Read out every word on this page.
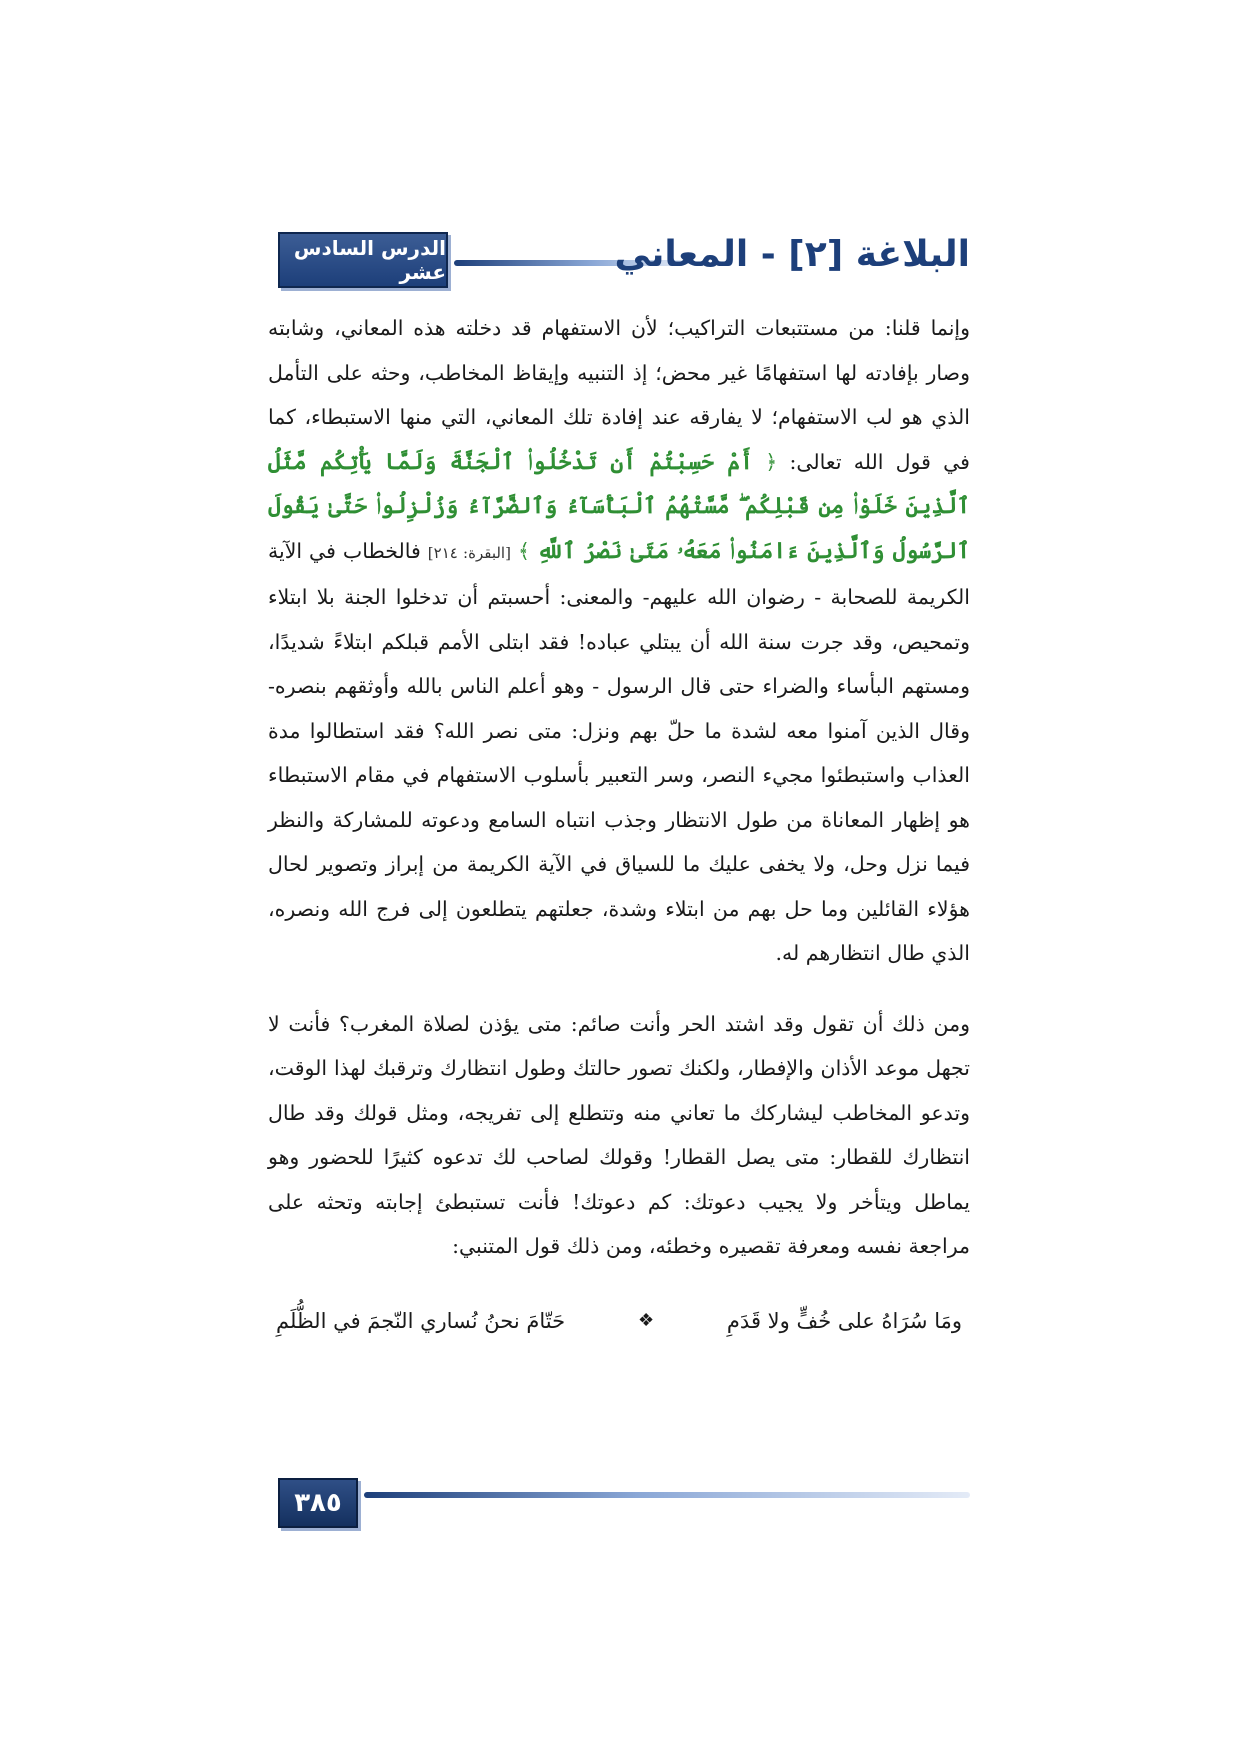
الدرس السادس عشر	البلاغة [٢] - المعاني

وإنما قلنا: من مستتبعات التراكيب؛ لأن الاستفهام قد دخلته هذه المعاني، وشابته وصار بإفادته لها استفهامًا غير محض؛ إذ التنبيه وإيقاظ المخاطب، وحثه على التأمل الذي هو لب الاستفهام؛ لا يفارقه عند إفادة تلك المعاني، التي منها الاستبطاء، كما في قول الله تعالى: ﴿ أَمْ حَسِبْتُمْ أَن تَدْخُلُوا۟ ٱلْجَنَّةَ وَلَمَّا يَأْتِكُم مَّثَلُ ٱلَّذِينَ خَلَوْا۟ مِن قَبْلِكُم ۖ مَّسَّتْهُمُ ٱلْبَأْسَآءُ وَٱلضَّرَّآءُ وَزُلْزِلُوا۟ حَتَّىٰ يَقُولَ ٱلرَّسُولُ وَٱلَّذِينَ ءَامَنُوا۟ مَعَهُۥ مَتَىٰ نَصْرُ ٱللَّهِ ﴾ [البقرة: ٢١٤] فالخطاب في الآية الكريمة للصحابة - رضوان الله عليهم- والمعنى: أحسبتم أن تدخلوا الجنة بلا ابتلاء وتمحيص، وقد جرت سنة الله أن يبتلي عباده! فقد ابتلى الأمم قبلكم ابتلاءً شديدًا، ومستهم البأساء والضراء حتى قال الرسول - وهو أعلم الناس بالله وأوثقهم بنصره- وقال الذين آمنوا معه لشدة ما حلّ بهم ونزل: متى نصر الله؟ فقد استطالوا مدة العذاب واستبطئوا مجيء النصر، وسر التعبير بأسلوب الاستفهام في مقام الاستبطاء هو إظهار المعاناة من طول الانتظار وجذب انتباه السامع ودعوته للمشاركة والنظر فيما نزل وحل، ولا يخفى عليك ما للسياق في الآية الكريمة من إبراز وتصوير لحال هؤلاء القائلين وما حل بهم من ابتلاء وشدة، جعلتهم يتطلعون إلى فرج الله ونصره، الذي طال انتظارهم له.

ومن ذلك أن تقول وقد اشتد الحر وأنت صائم: متى يؤذن لصلاة المغرب؟ فأنت لا تجهل موعد الأذان والإفطار، ولكنك تصور حالتك وطول انتظارك وترقبك لهذا الوقت، وتدعو المخاطب ليشاركك ما تعاني منه وتتطلع إلى تفريجه، ومثل قولك وقد طال انتظارك للقطار: متى يصل القطار! وقولك لصاحب لك تدعوه كثيرًا للحضور وهو يماطل ويتأخر ولا يجيب دعوتك: كم دعوتك! فأنت تستبطئ إجابته وتحثه على مراجعة نفسه ومعرفة تقصيره وخطئه، ومن ذلك قول المتنبي:

حَتّامَ نحنُ نُساري النّجمَ في الظُّلَمِ	❖	ومَا سُرَاهُ على خُفٍّ ولا قَدَمِ
٣٨٥
